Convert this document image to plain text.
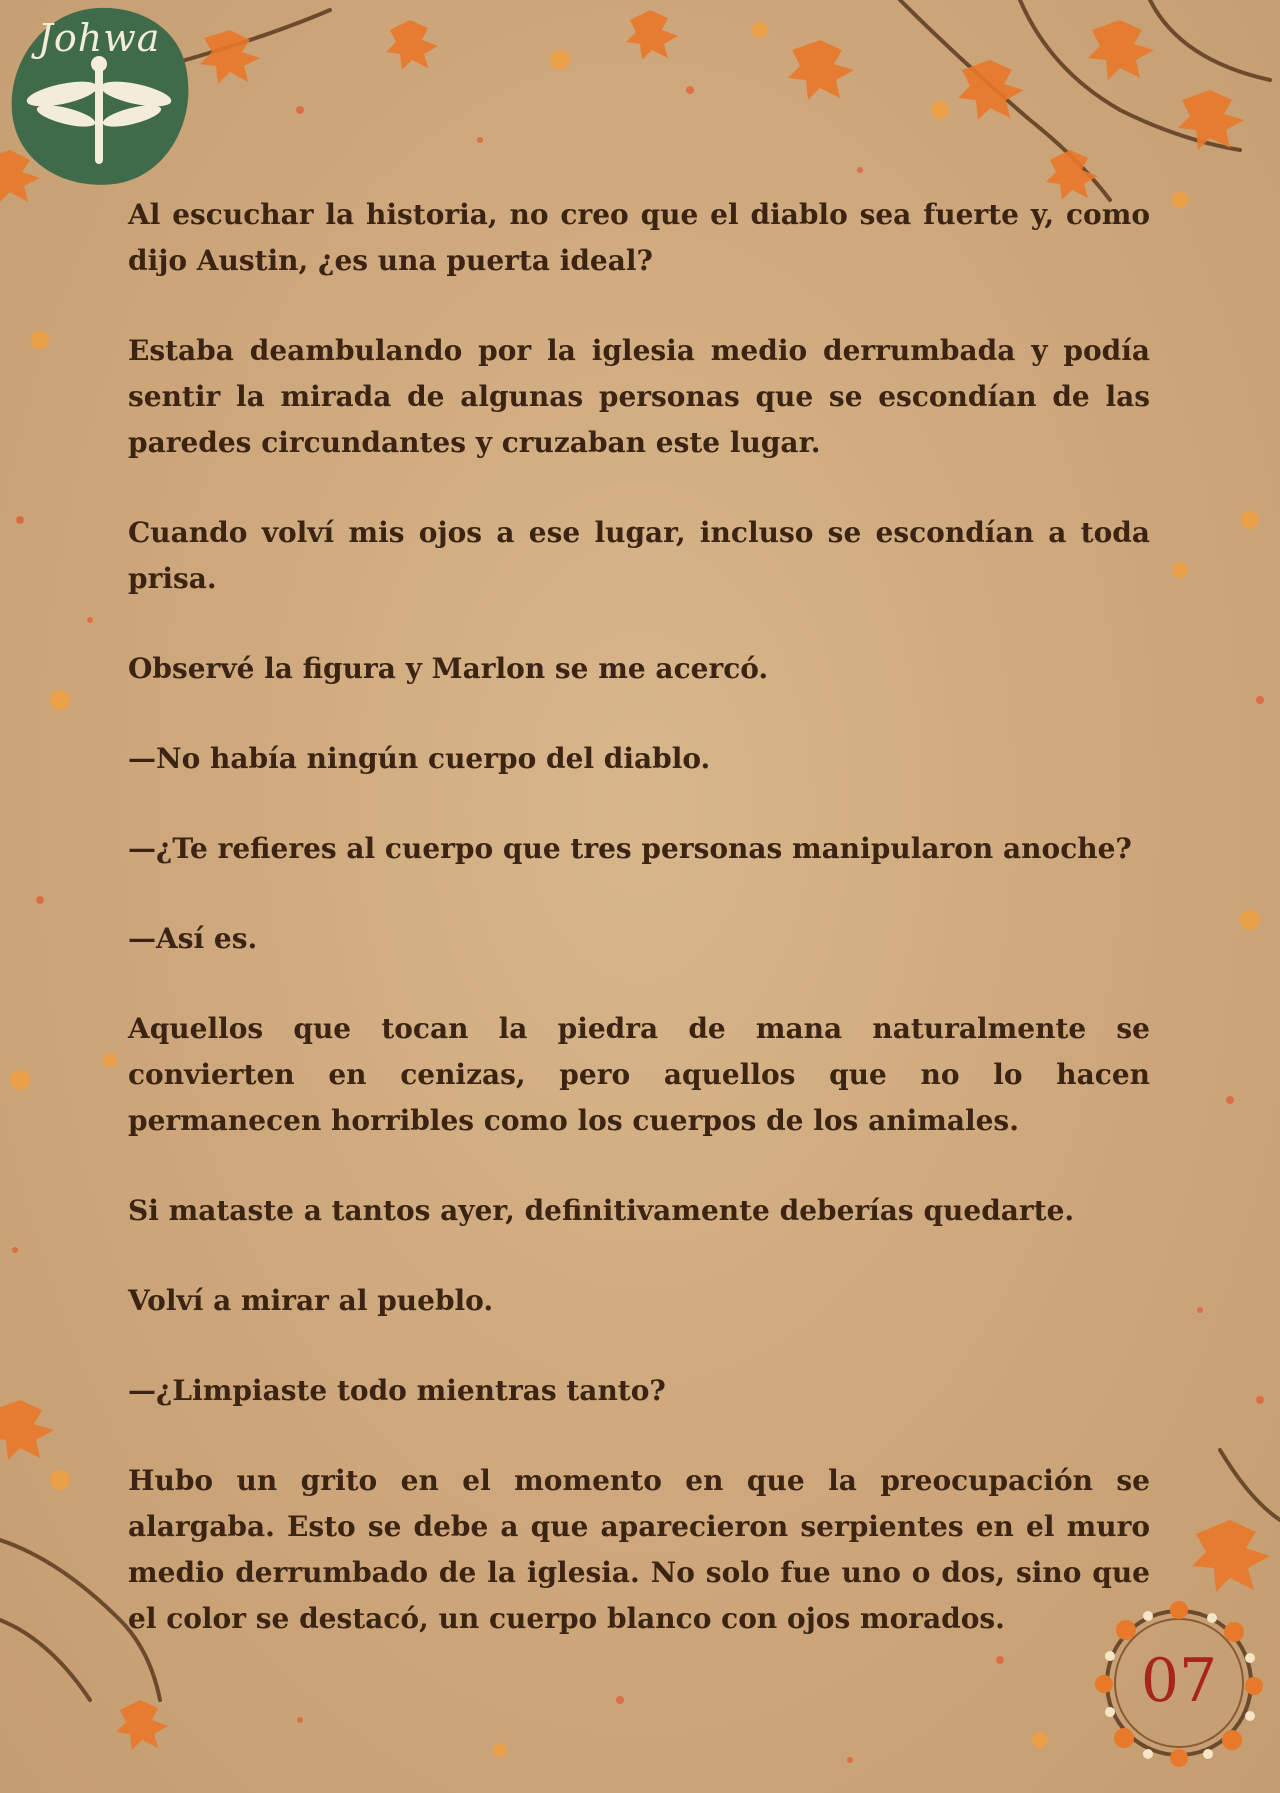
Johwa

Al escuchar la historia, no creo que el diablo sea fuerte y, como dijo Austin, ¿es una puerta ideal?

Estaba deambulando por la iglesia medio derrumbada y podía sentir la mirada de algunas personas que se escondían de las paredes circundantes y cruzaban este lugar.

Cuando volví mis ojos a ese lugar, incluso se escondían a toda prisa.

Observé la figura y Marlon se me acercó.

—No había ningún cuerpo del diablo.

—¿Te refieres al cuerpo que tres personas manipularon anoche?

—Así es.

Aquellos que tocan la piedra de mana naturalmente se convierten en cenizas, pero aquellos que no lo hacen permanecen horribles como los cuerpos de los animales.

Si mataste a tantos ayer, definitivamente deberías quedarte.

Volví a mirar al pueblo.

—¿Limpiaste todo mientras tanto?

Hubo un grito en el momento en que la preocupación se alargaba. Esto se debe a que aparecieron serpientes en el muro medio derrumbado de la iglesia. No solo fue uno o dos, sino que el color se destacó, un cuerpo blanco con ojos morados.

07
